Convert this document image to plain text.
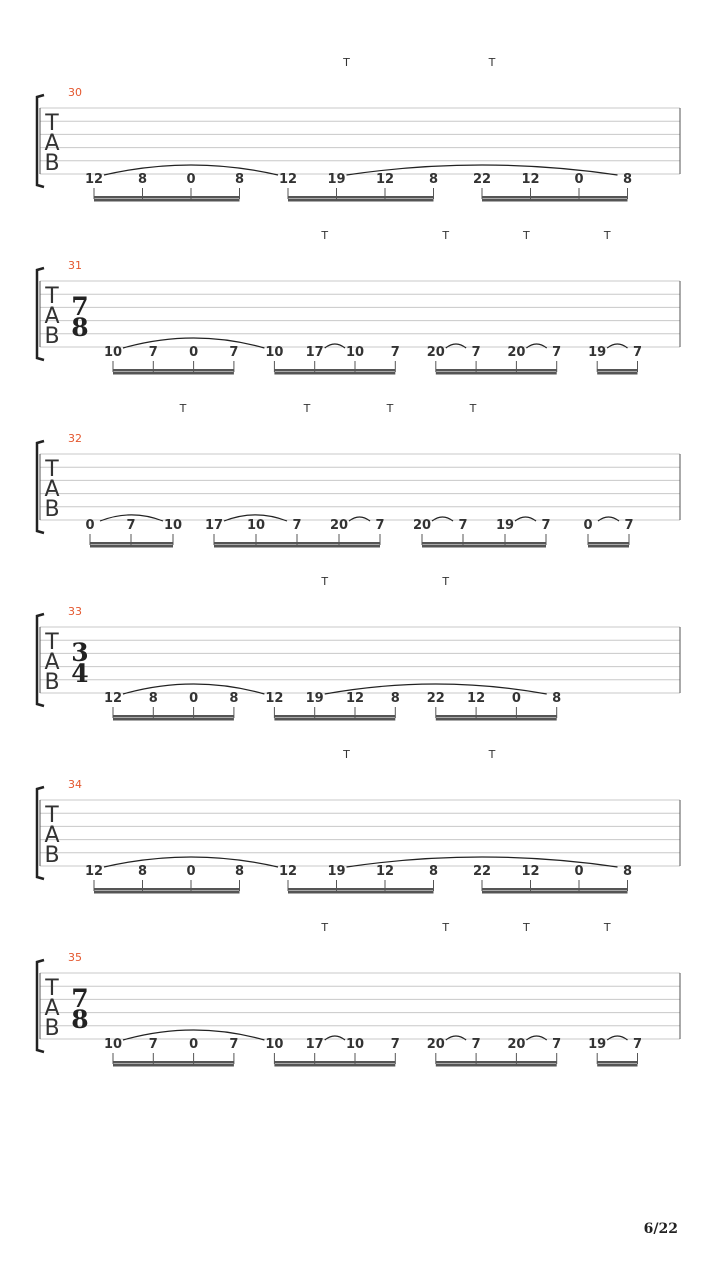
T
A
B
30
12	8	0	8	12 19 12	8	22 12	0	8
T	T
T
A
B
31
7
8
10 7 0 7 10 17 10 7 20 7 20 7 19 7
T	T	T	T
T
A
B
32
0 7 10 17 10 7 20 7 20 7 19 7	0 7
T	T	T	T
T
A
B
33
3
4
12 8 0 8 12 19 12 8 22 12 0 8
T	T
T
A
B
34
12	8	0	8	12 19 12	8	22 12	0	8
T	T
T
A
B
35
7
8
10 7 0 7 10 17 10 7 20 7 20 7 19 7
T	T	T	T
6/22
